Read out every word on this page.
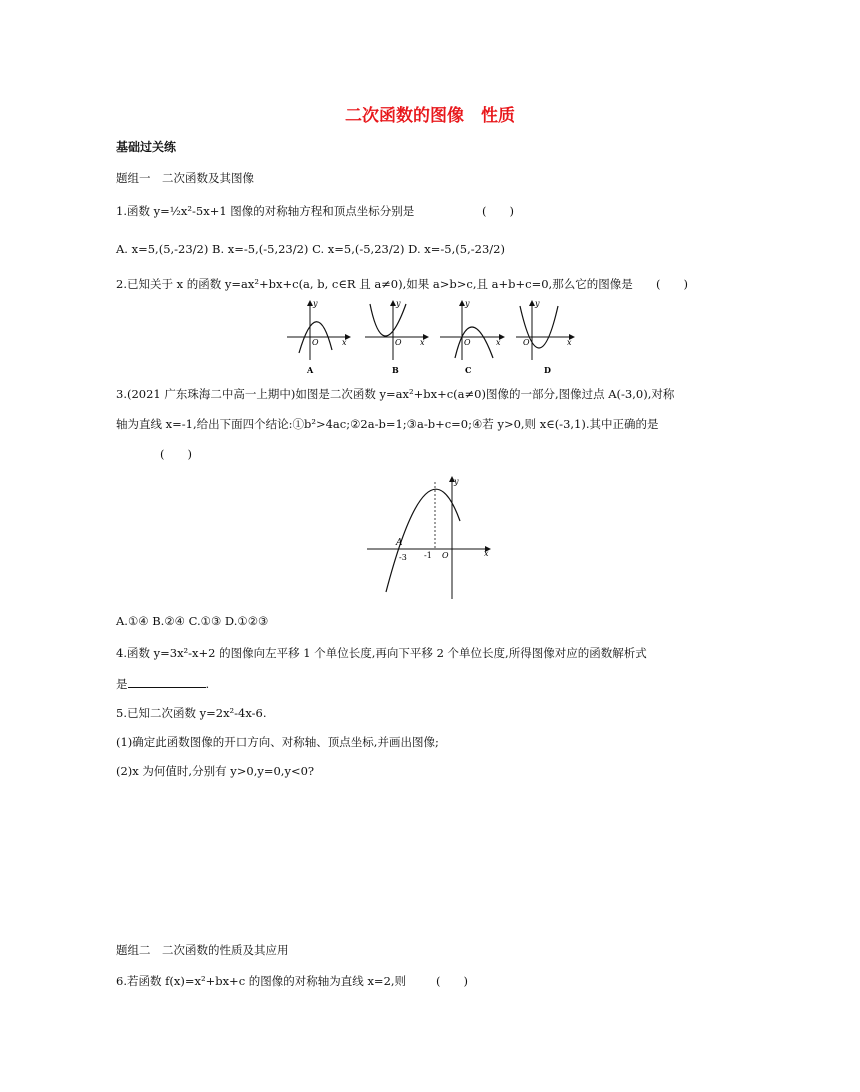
二次函数的图像　性质
基础过关练
题组一　二次函数及其图像
1.函数 y=½x²-5x+1 图像的对称轴方程和顶点坐标分别是	(　　)
A. x=5,(5,-23/2) B. x=-5,(-5,23/2) C. x=5,(-5,23/2) D. x=-5,(5,-23/2)
2.已知关于 x 的函数 y=ax²+bx+c(a, b, c∈R 且 a≠0),如果 a>b>c,且 a+b+c=0,那么它的图像是 (　　)
y
x
O
A
y
x
O
B
y
x
O
C
y
x
O
D
3.(2021 广东珠海二中高一上期中)如图是二次函数 y=ax²+bx+c(a≠0)图像的一部分,图像过点 A(-3,0),对称
轴为直线 x=-1,给出下面四个结论:①b²>4ac;②2a-b=1;③a-b+c=0;④若 y>0,则 x∈(-3,1).其中正确的是
(　　)
y
x
O
A
-3 -1
A.①④ B.②④ C.①③ D.①②③
4.函数 y=3x²-x+2 的图像向左平移 1 个单位长度,再向下平移 2 个单位长度,所得图像对应的函数解析式
是	.
5.已知二次函数 y=2x²-4x-6.
(1)确定此函数图像的开口方向、对称轴、顶点坐标,并画出图像;
(2)x 为何值时,分别有 y>0,y=0,y<0?
题组二　二次函数的性质及其应用
6.若函数 f(x)=x²+bx+c 的图像的对称轴为直线 x=2,则	(　　)
